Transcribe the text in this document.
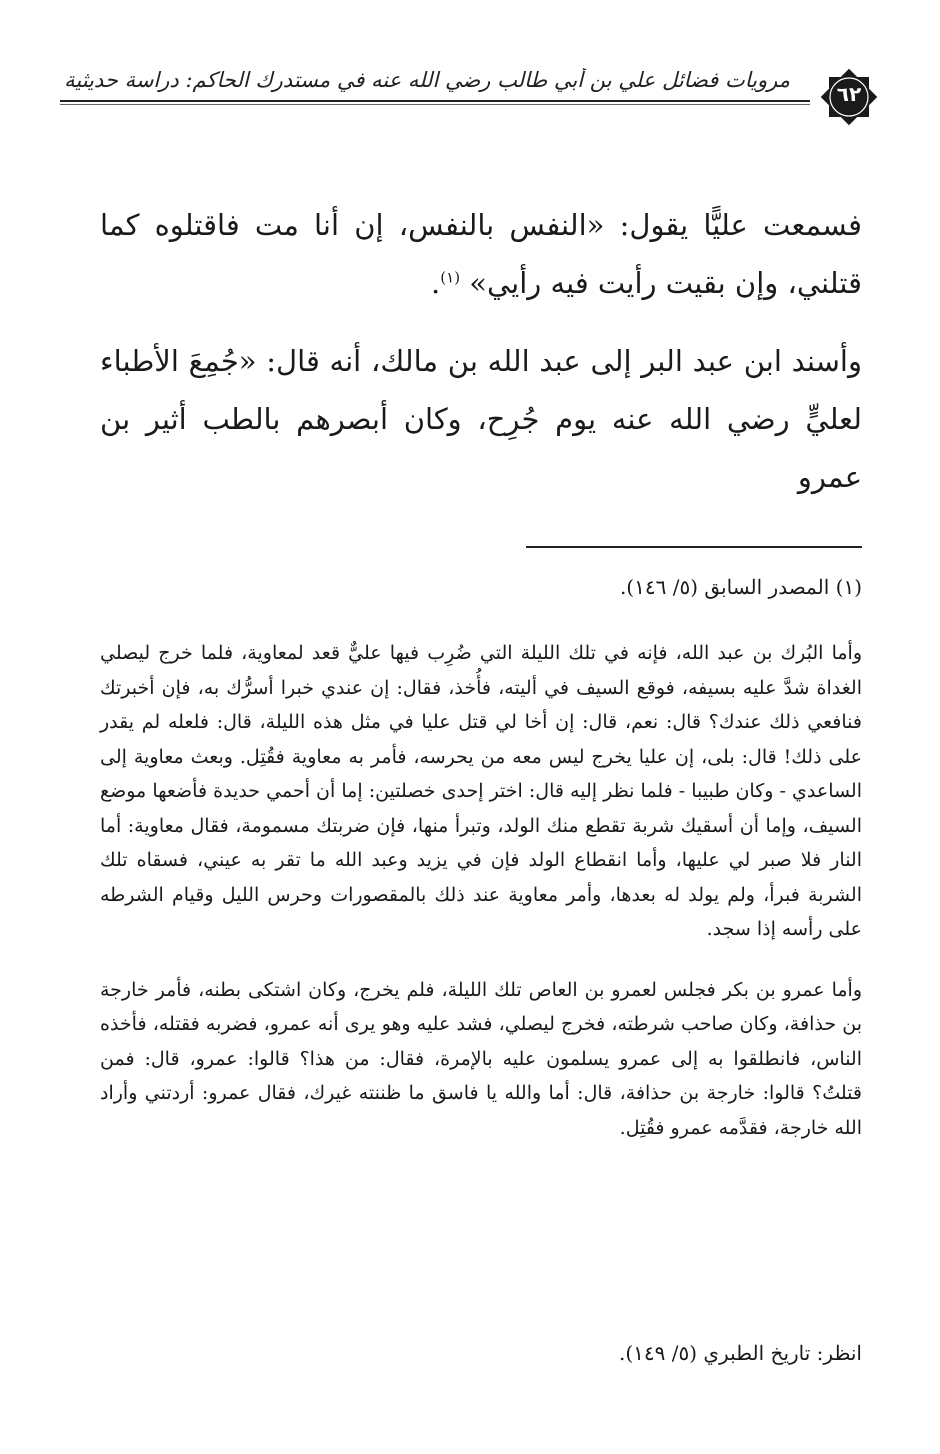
مرويات فضائل علي بن أبي طالب رضي الله عنه في مستدرك الحاكم: دراسة حديثية
٦٢

فسمعت عليًّا يقول: «النفس بالنفس، إن أنا مت فاقتلوه كما قتلني، وإن بقيت رأيت فيه رأيي» $^{(١)}$.

وأسند ابن عبد البر إلى عبد الله بن مالك، أنه قال: «جُمِعَ الأطباء لعليٍّ رضي الله عنه يوم جُرِح، وكان أبصرهم بالطب أثير بن عمرو

(١) المصدر السابق (٥/ ١٤٦).

وأما البُرك بن عبد الله، فإنه في تلك الليلة التي ضُرِب فيها عليٌّ قعد لمعاوية، فلما خرج ليصلي الغداة شدَّ عليه بسيفه، فوقع السيف في أليته، فأُخذ، فقال: إن عندي خبرا أسرُّك به، فإن أخبرتك فنافعي ذلك عندك؟ قال: نعم، قال: إن أخا لي قتل عليا في مثل هذه الليلة، قال: فلعله لم يقدر على ذلك! قال: بلى، إن عليا يخرج ليس معه من يحرسه، فأمر به معاوية فقُتِل. وبعث معاوية إلى الساعدي - وكان طبيبا - فلما نظر إليه قال: اختر إحدى خصلتين: إما أن أحمي حديدة فأضعها موضع السيف، وإما أن أسقيك شربة تقطع منك الولد، وتبرأ منها، فإن ضربتك مسمومة، فقال معاوية: أما النار فلا صبر لي عليها، وأما انقطاع الولد فإن في يزيد وعبد الله ما تقر به عيني، فسقاه تلك الشربة فبرأ، ولم يولد له بعدها، وأمر معاوية عند ذلك بالمقصورات وحرس الليل وقيام الشرطه على رأسه إذا سجد.

وأما عمرو بن بكر فجلس لعمرو بن العاص تلك الليلة، فلم يخرج، وكان اشتكى بطنه، فأمر خارجة بن حذافة، وكان صاحب شرطته، فخرج ليصلي، فشد عليه وهو يرى أنه عمرو، فضربه فقتله، فأخذه الناس، فانطلقوا به إلى عمرو يسلمون عليه بالإمرة، فقال: من هذا؟ قالوا: عمرو، قال: فمن قتلتُ؟ قالوا: خارجة بن حذافة، قال: أما والله يا فاسق ما ظننته غيرك، فقال عمرو: أردتني وأراد الله خارجة، فقدَّمه عمرو فقُتِل.

انظر: تاريخ الطبري (٥/ ١٤٩).
